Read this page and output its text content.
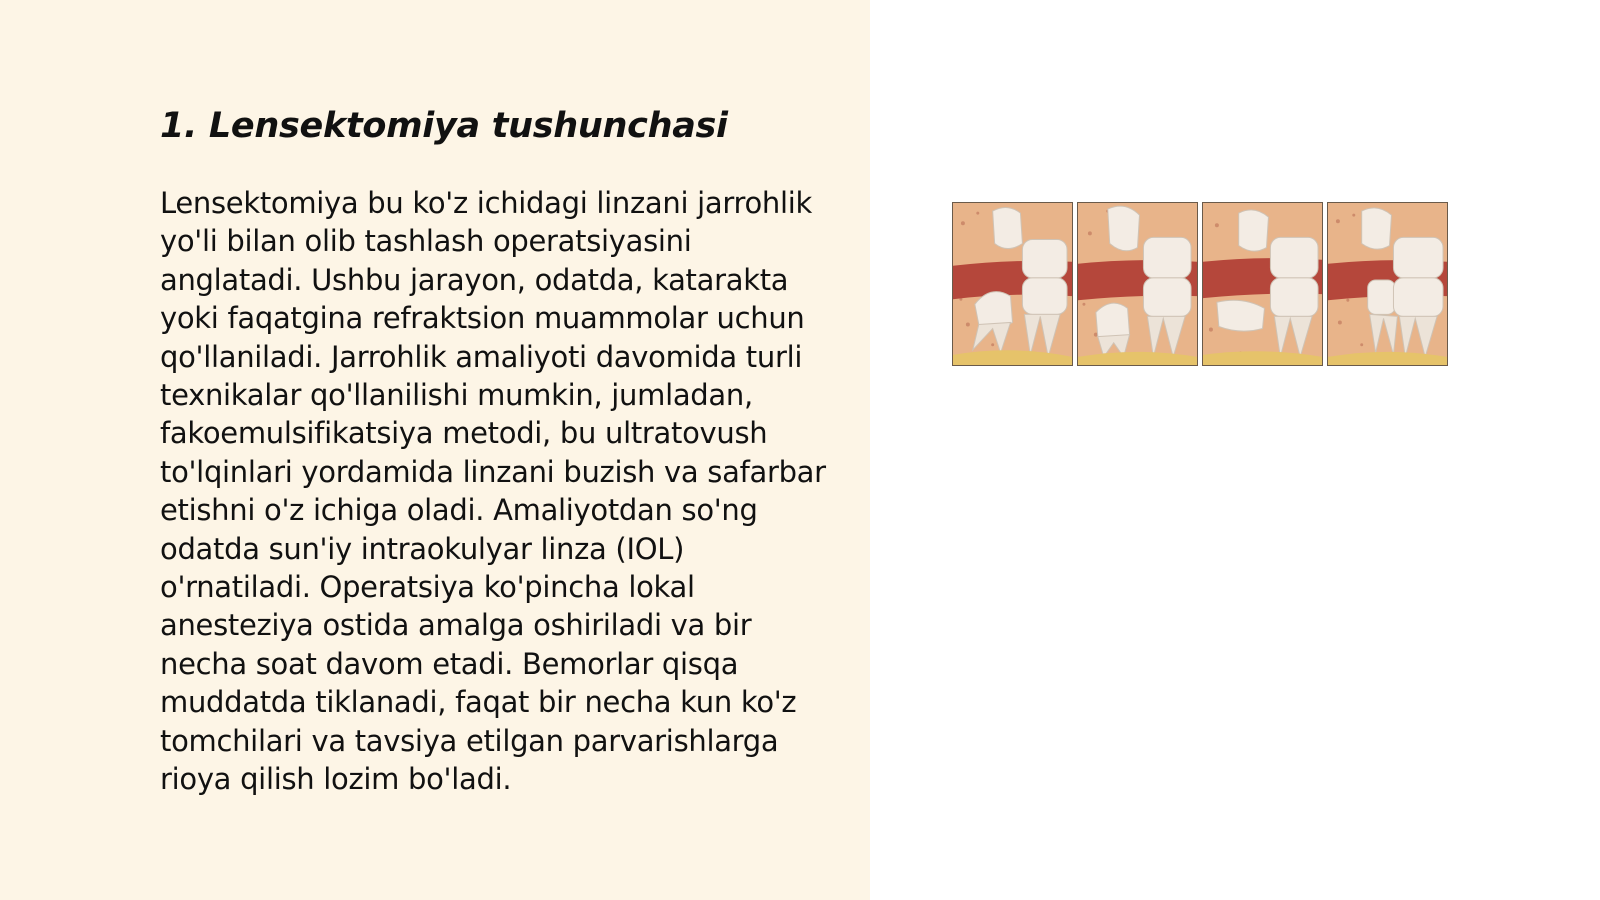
1. Lensektomiya tushunchasi

Lensektomiya bu ko'z ichidagi linzani jarrohlik yo'li bilan olib tashlash operatsiyasini anglatadi. Ushbu jarayon, odatda, katarakta yoki faqatgina refraktsion muammolar uchun qo'llaniladi. Jarrohlik amaliyoti davomida turli texnikalar qo'llanilishi mumkin, jumladan, fakoemulsifikatsiya metodi, bu ultratovush to'lqinlari yordamida linzani buzish va safarbar etishni o'z ichiga oladi. Amaliyotdan so'ng odatda sun'iy intraokulyar linza (IOL) o'rnatiladi. Operatsiya ko'pincha lokal anesteziya ostida amalga oshiriladi va bir necha soat davom etadi. Bemorlar qisqa muddatda tiklanadi, faqat bir necha kun ko'z tomchilari va tavsiya etilgan parvarishlarga rioya qilish lozim bo'ladi.
